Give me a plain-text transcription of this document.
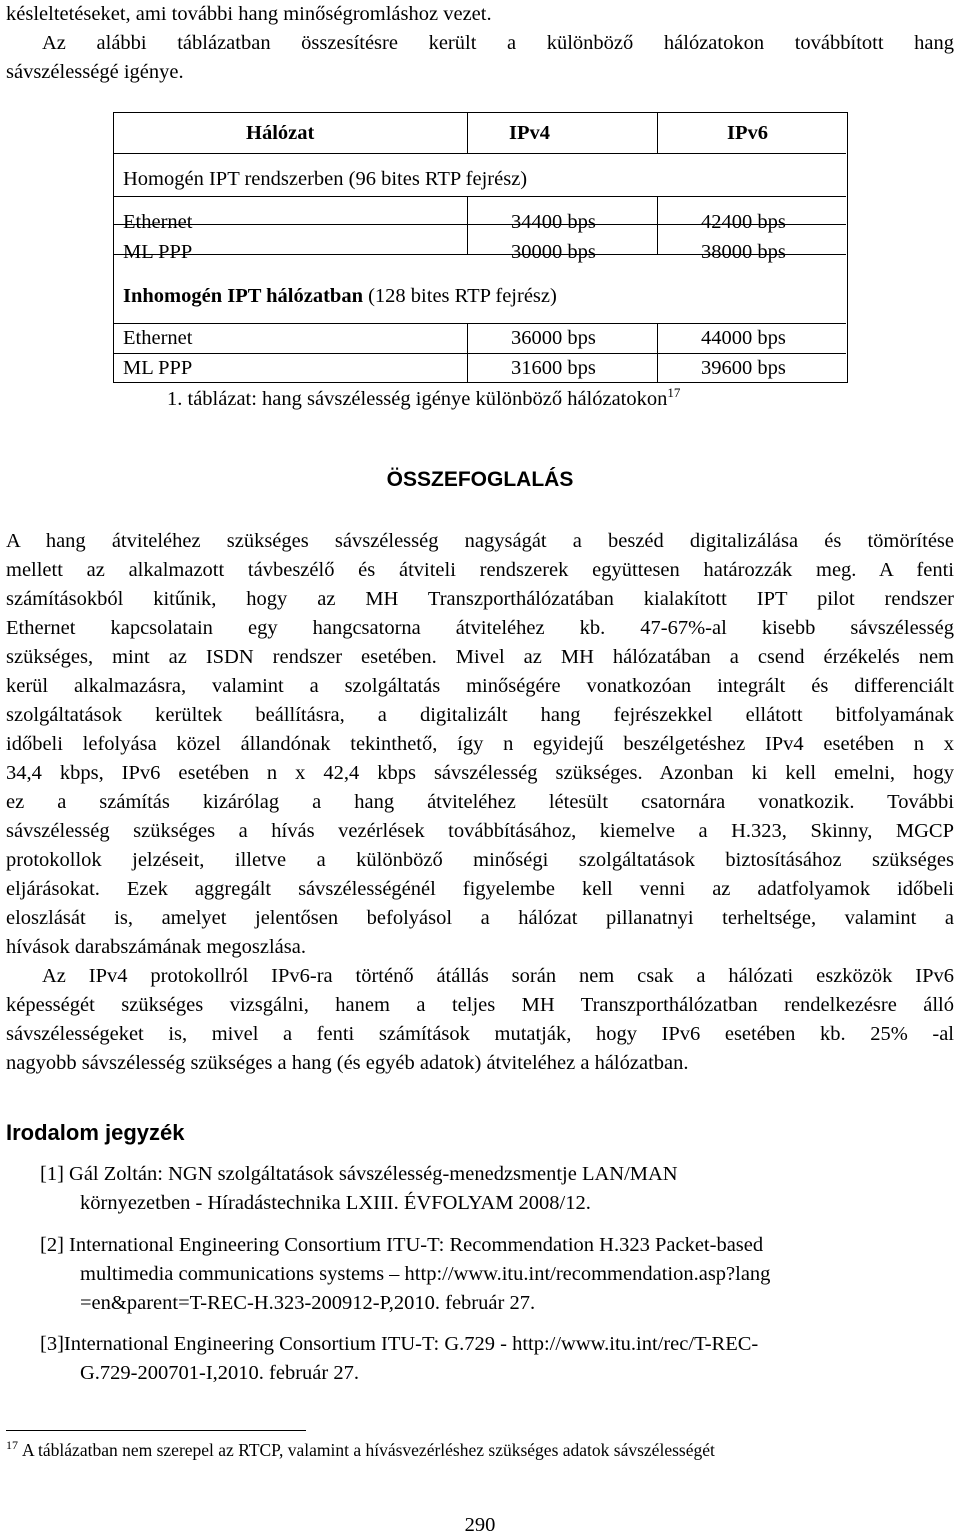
késleltetéseket, ami további hang minőségromláshoz vezet.

Az alábbi táblázatban összesítésre került a különböző hálózatokon továbbított hang

sávszélességé igénye.

Hálózat	IPv4	IPv6
Homogén IPT rendszerben (96 bites RTP fejrész)
Ethernet	34400 bps	42400 bps
ML PPP	30000 bps	38000 bps
Inhomogén IPT hálózatban (128 bites RTP fejrész)
Ethernet	36000 bps	44000 bps
ML PPP	31600 bps	39600 bps
1. táblázat: hang sávszélesség igénye különböző hálózatokon$^{17}$
ÖSSZEFOGLALÁS

A hang átviteléhez szükséges sávszélesség nagyságát a beszéd digitalizálása és tömörítése

mellett az alkalmazott távbeszélő és átviteli rendszerek együttesen határozzák meg. A fenti

számításokból kitűnik, hogy az MH Transzporthálózatában kialakított IPT pilot rendszer

Ethernet kapcsolatain egy hangcsatorna átviteléhez kb. 47-67%-al kisebb sávszélesség

szükséges, mint az ISDN rendszer esetében. Mivel az MH hálózatában a csend érzékelés nem

kerül alkalmazásra, valamint a szolgáltatás minőségére vonatkozóan integrált és differenciált

szolgáltatások kerültek beállításra, a digitalizált hang fejrészekkel ellátott bitfolyamának

időbeli lefolyása közel állandónak tekinthető, így n egyidejű beszélgetéshez IPv4 esetében n x

34,4 kbps, IPv6 esetében n x 42,4 kbps sávszélesség szükséges. Azonban ki kell emelni, hogy

ez a számítás kizárólag a hang átviteléhez létesült csatornára vonatkozik. További

sávszélesség szükséges a hívás vezérlések továbbításához, kiemelve a H.323, Skinny, MGCP

protokollok jelzéseit, illetve a különböző minőségi szolgáltatások biztosításához szükséges

eljárásokat. Ezek aggregált sávszélességénél figyelembe kell venni az adatfolyamok időbeli

eloszlását is, amelyet jelentősen befolyásol a hálózat pillanatnyi terheltsége, valamint a

hívások darabszámának megoszlása.

Az IPv4 protokollról IPv6-ra történő átállás során nem csak a hálózati eszközök IPv6

képességét szükséges vizsgálni, hanem a teljes MH Transzporthálózatban rendelkezésre álló

sávszélességeket is, mivel a fenti számítások mutatják, hogy IPv6 esetében kb. 25% -al

nagyobb sávszélesség szükséges a hang (és egyéb adatok) átviteléhez a hálózatban.

Irodalom jegyzék
[1] Gál Zoltán: NGN szolgáltatások sávszélesség-menedzsmentje LAN/MAN
környezetben - Híradástechnika LXIII. ÉVFOLYAM 2008/12.
[2] International Engineering Consortium ITU-T: Recommendation H.323 Packet-based
multimedia communications systems – http://www.itu.int/recommendation.asp?lang
=en&parent=T-REC-H.323-200912-P,2010. február 27.
[3]International Engineering Consortium ITU-T: G.729 - http://www.itu.int/rec/T-REC-
G.729-200701-I,2010. február 27.
$^{17}$ A táblázatban nem szerepel az RTCP, valamint a hívásvezérléshez szükséges adatok sávszélességét
290
